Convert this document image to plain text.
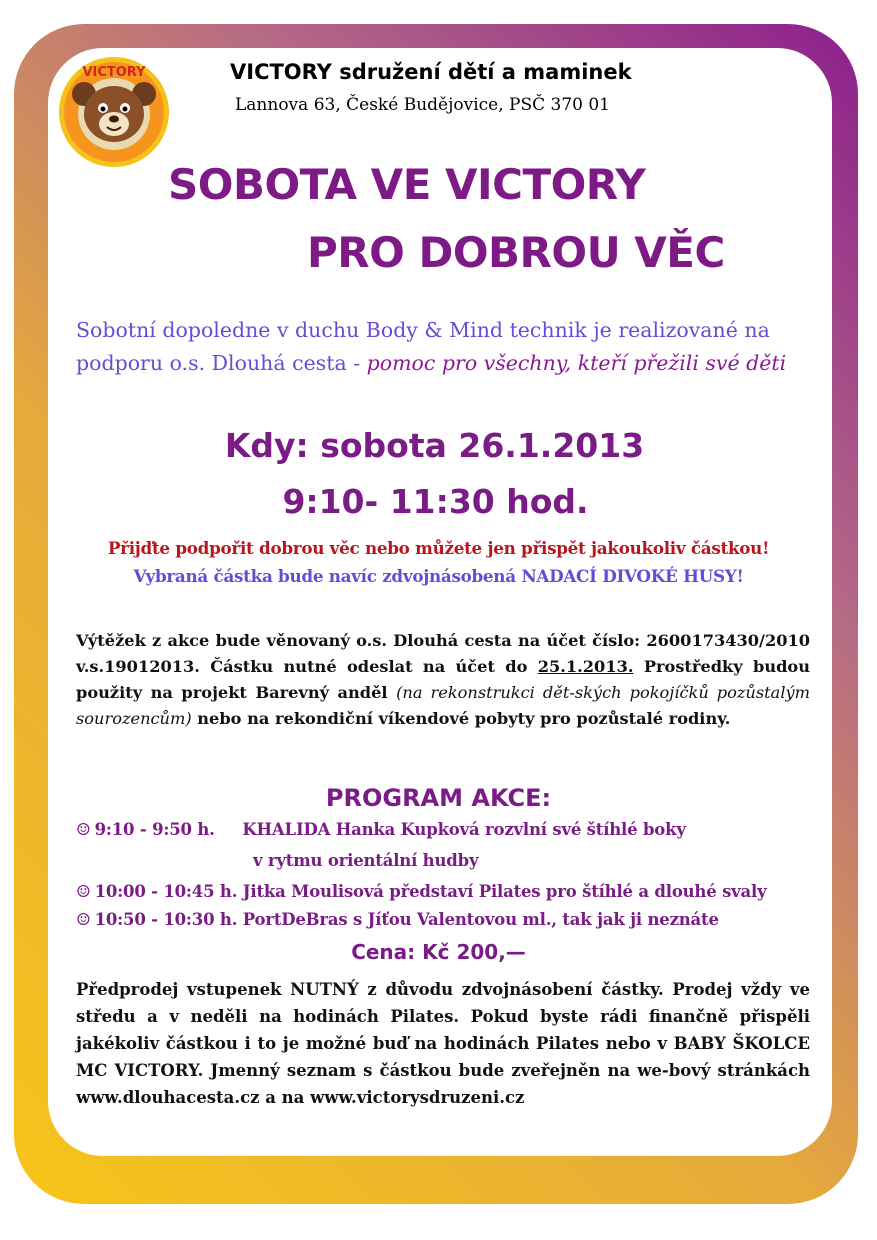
VICTORY	VICTORY sdružení dětí a maminek
Lannova 63, České Budějovice, PSČ 370 01
SOBOTA VE VICTORY
PRO DOBROU VĚC
Sobotní dopoledne v duchu Body & Mind technik je realizované na podporu o.s. Dlouhá cesta - pomoc pro všechny, kteří přežili své děti
Kdy: sobota 26.1.2013
9:10- 11:30 hod.
Přijďte podpořit dobrou věc nebo můžete jen přispět jakoukoliv částkou!
Vybraná částka bude navíc zdvojnásobená NADACÍ DIVOKÉ HUSY!
Výtěžek z akce bude věnovaný o.s. Dlouhá cesta na účet číslo: 2600173430/2010 v.s.19012013. Částku nutné odeslat na účet do 25.1.2013. Prostředky budou použity na projekt Barevný anděl (na rekonstrukci dět-ských pokojíčků pozůstalým sourozencům) nebo na rekondiční víkendové pobyty pro pozůstalé rodiny.
PROGRAM AKCE:
☺ 9:10 - 9:50 h.     KHALIDA Hanka Kupková rozvlní své štíhlé boky
v rytmu orientální hudby
☺ 10:00 - 10:45 h. Jitka Moulisová představí Pilates pro štíhlé a dlouhé svaly
☺ 10:50 - 10:30 h. PortDeBras s Jíťou Valentovou ml., tak jak ji neznáte
Cena: Kč 200,—
Předprodej vstupenek NUTNÝ z důvodu zdvojnásobení částky. Prodej vždy ve středu a v neděli na hodinách Pilates. Pokud byste rádi finančně přispěli jakékoliv částkou i to je možné buď na hodinách Pilates nebo v BABY ŠKOLCE MC VICTORY. Jmenný seznam s částkou bude zveřejněn na we-bový stránkách www.dlouhacesta.cz a na www.victorysdruzeni.cz
